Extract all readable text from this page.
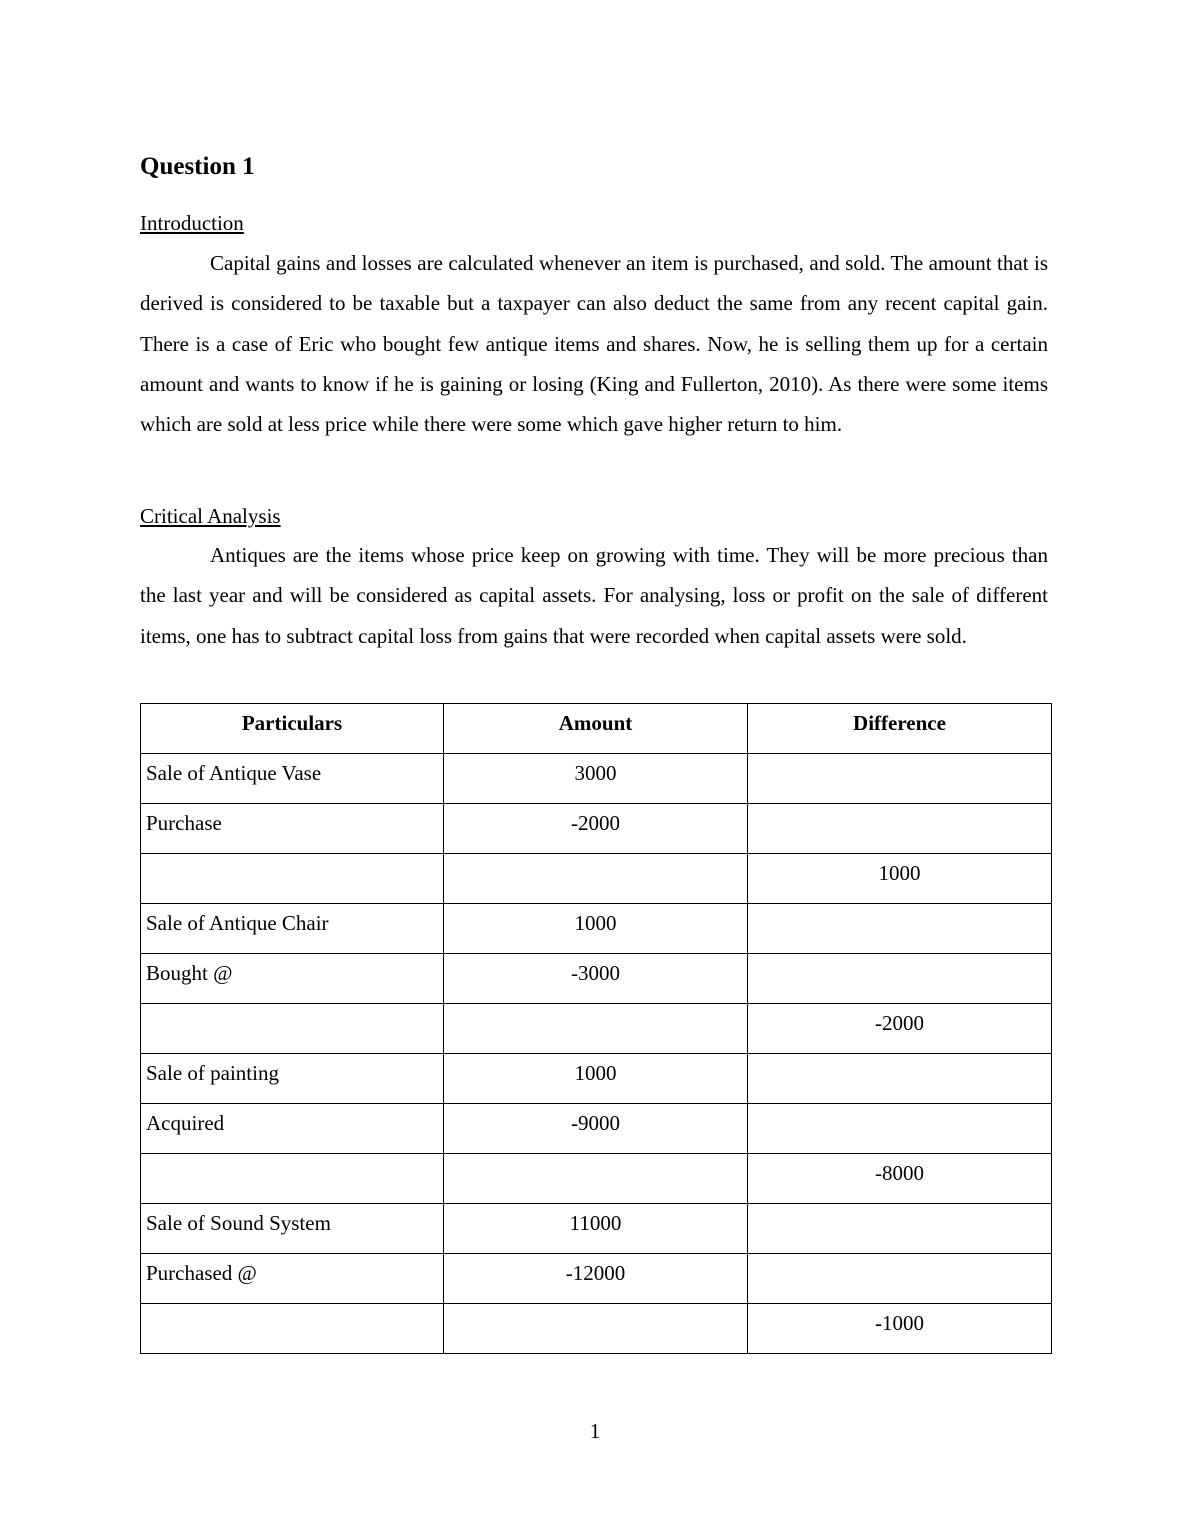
Question 1
Introduction

Capital gains and losses are calculated whenever an item is purchased, and sold. The amount that is derived is considered to be taxable but a taxpayer can also deduct the same from any recent capital gain. There is a case of Eric who bought few antique items and shares. Now, he is selling them up for a certain amount and wants to know if he is gaining or losing (King and Fullerton, 2010). As there were some items which are sold at less price while there were some which gave higher return to him.

Critical Analysis

Antiques are the items whose price keep on growing with time. They will be more precious than the last year and will be considered as capital assets. For analysing, loss or profit on the sale of different items, one has to subtract capital loss from gains that were recorded when capital assets were sold.

Particulars	Amount	Difference
Sale of Antique Vase	3000	
Purchase	-2000	
		1000
Sale of Antique Chair	1000	
Bought @	-3000	
		-2000
Sale of painting	1000	
Acquired	-9000	
		-8000
Sale of Sound System	11000	
Purchased @	-12000	
		-1000
1
